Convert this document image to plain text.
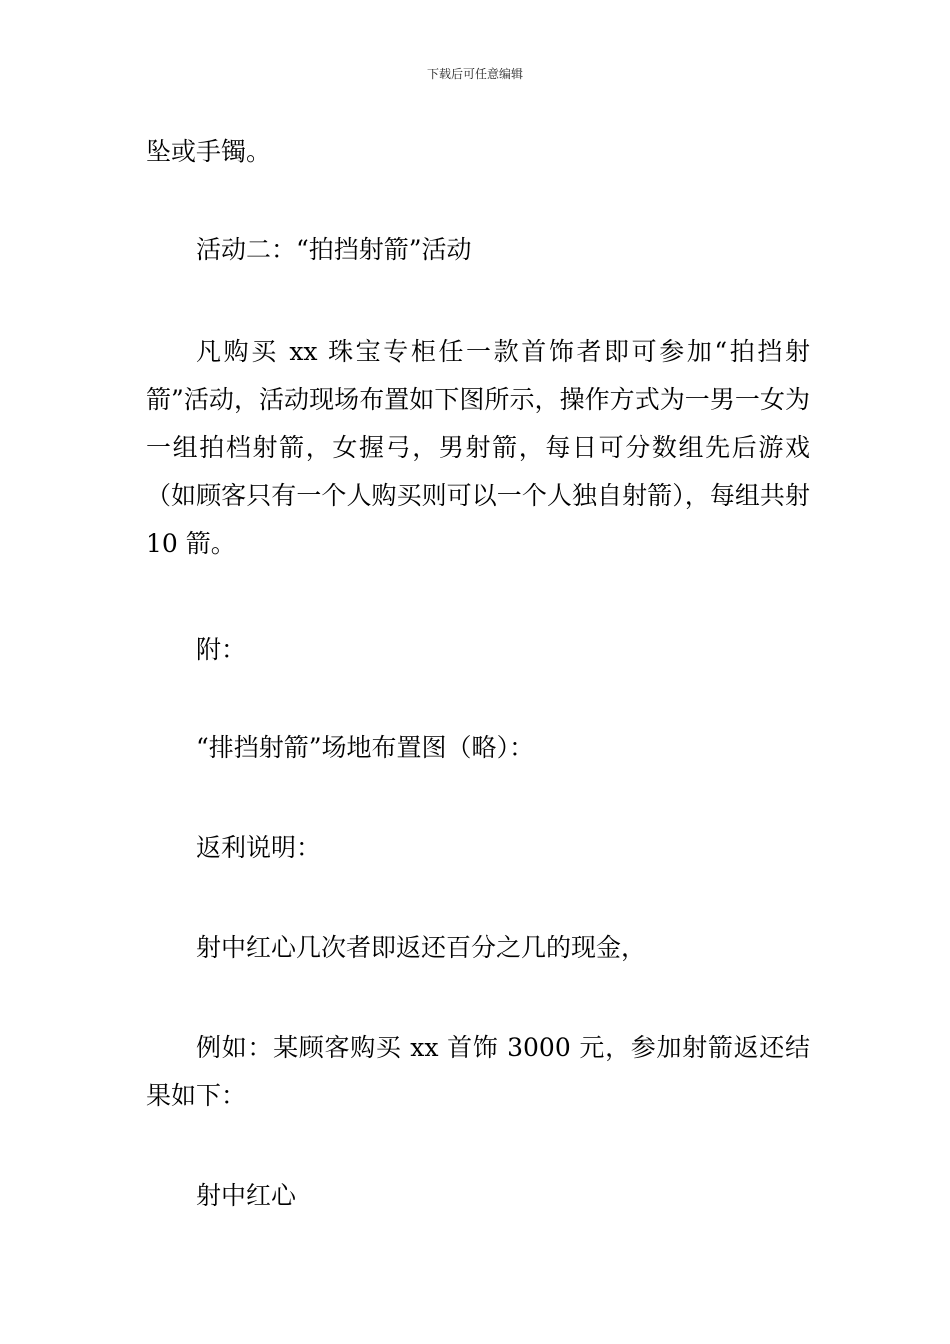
下载后可任意编辑

坠或手镯。

活动二：“拍挡射箭”活动

凡购买 xx 珠宝专柜任一款首饰者即可参加“拍挡射箭”活动，活动现场布置如下图所示，操作方式为一男一女为一组拍档射箭，女握弓，男射箭，每日可分数组先后游戏（如顾客只有一个人购买则可以一个人独自射箭），每组共射 10 箭。

附：

“排挡射箭”场地布置图（略）：

返利说明：

射中红心几次者即返还百分之几的现金，

例如：某顾客购买 xx 首饰 3000 元，参加射箭返还结果如下：

射中红心
